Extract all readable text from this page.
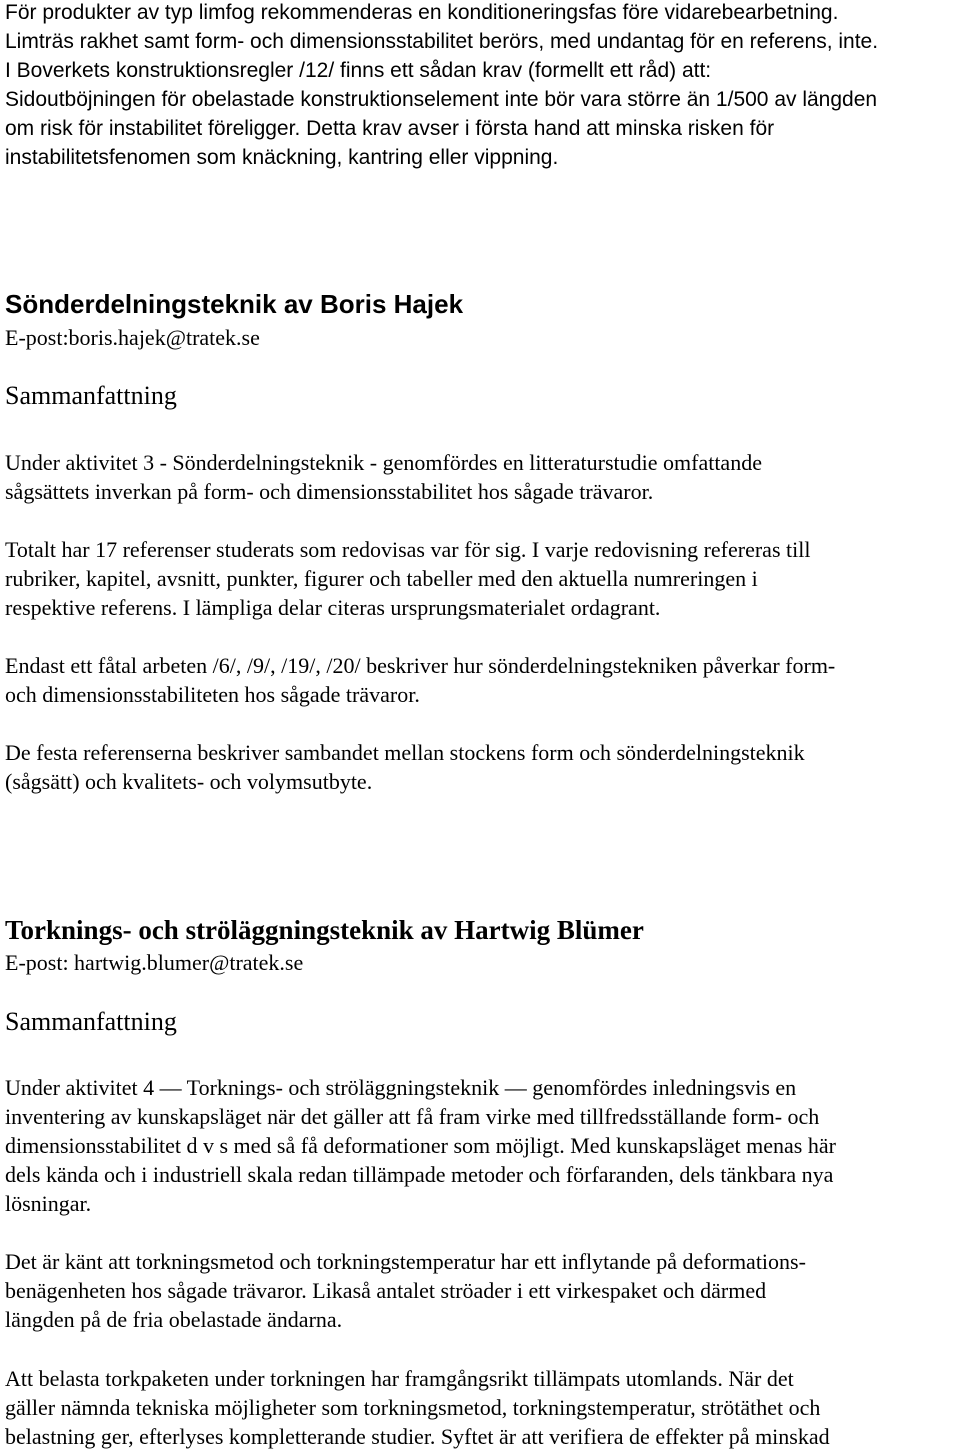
För produkter av typ limfog rekommenderas en konditioneringsfas före vidarebearbetning.
Limträs rakhet samt form- och dimensionsstabilitet berörs, med undantag för en referens, inte.
I Boverkets konstruktionsregler /12/ finns ett sådan krav (formellt ett råd) att:
Sidoutböjningen för obelastade konstruktionselement inte bör vara större än 1/500 av längden
om risk för instabilitet föreligger. Detta krav avser i första hand att minska risken för
instabilitetsfenomen som knäckning, kantring eller vippning.
Sönderdelningsteknik av Boris Hajek
E-post:boris.hajek@tratek.se
Sammanfattning
Under aktivitet 3 - Sönderdelningsteknik - genomfördes en litteraturstudie omfattande
sågsättets inverkan på form- och dimensionsstabilitet hos sågade trävaror.
Totalt har 17 referenser studerats som redovisas var för sig. I varje redovisning refereras till
rubriker, kapitel, avsnitt, punkter, figurer och tabeller med den aktuella numreringen i
respektive referens. I lämpliga delar citeras ursprungsmaterialet ordagrant.
Endast ett fåtal arbeten /6/, /9/, /19/, /20/ beskriver hur sönderdelningstekniken påverkar form-
och dimensionsstabiliteten hos sågade trävaror.
De festa referenserna beskriver sambandet mellan stockens form och sönderdelningsteknik
(sågsätt) och kvalitets- och volymsutbyte.
Torknings- och ströläggningsteknik av Hartwig Blümer
E-post: hartwig.blumer@tratek.se
Sammanfattning
Under aktivitet 4 — Torknings- och ströläggningsteknik — genomfördes inledningsvis en
inventering av kunskapsläget när det gäller att få fram virke med tillfredsställande form- och
dimensionsstabilitet d v s med så få deformationer som möjligt. Med kunskapsläget menas här
dels kända och i industriell skala redan tillämpade metoder och förfaranden, dels tänkbara nya
lösningar.
Det är känt att torkningsmetod och torkningstemperatur har ett inflytande på deformations-
benägenheten hos sågade trävaror. Likaså antalet ströader i ett virkespaket och därmed
längden på de fria obelastade ändarna.
Att belasta torkpaketen under torkningen har framgångsrikt tillämpats utomlands. När det
gäller nämnda tekniska möjligheter som torkningsmetod, torkningstemperatur, strötäthet och
belastning ger, efterlyses kompletterande studier. Syftet är att verifiera de effekter på minskad
